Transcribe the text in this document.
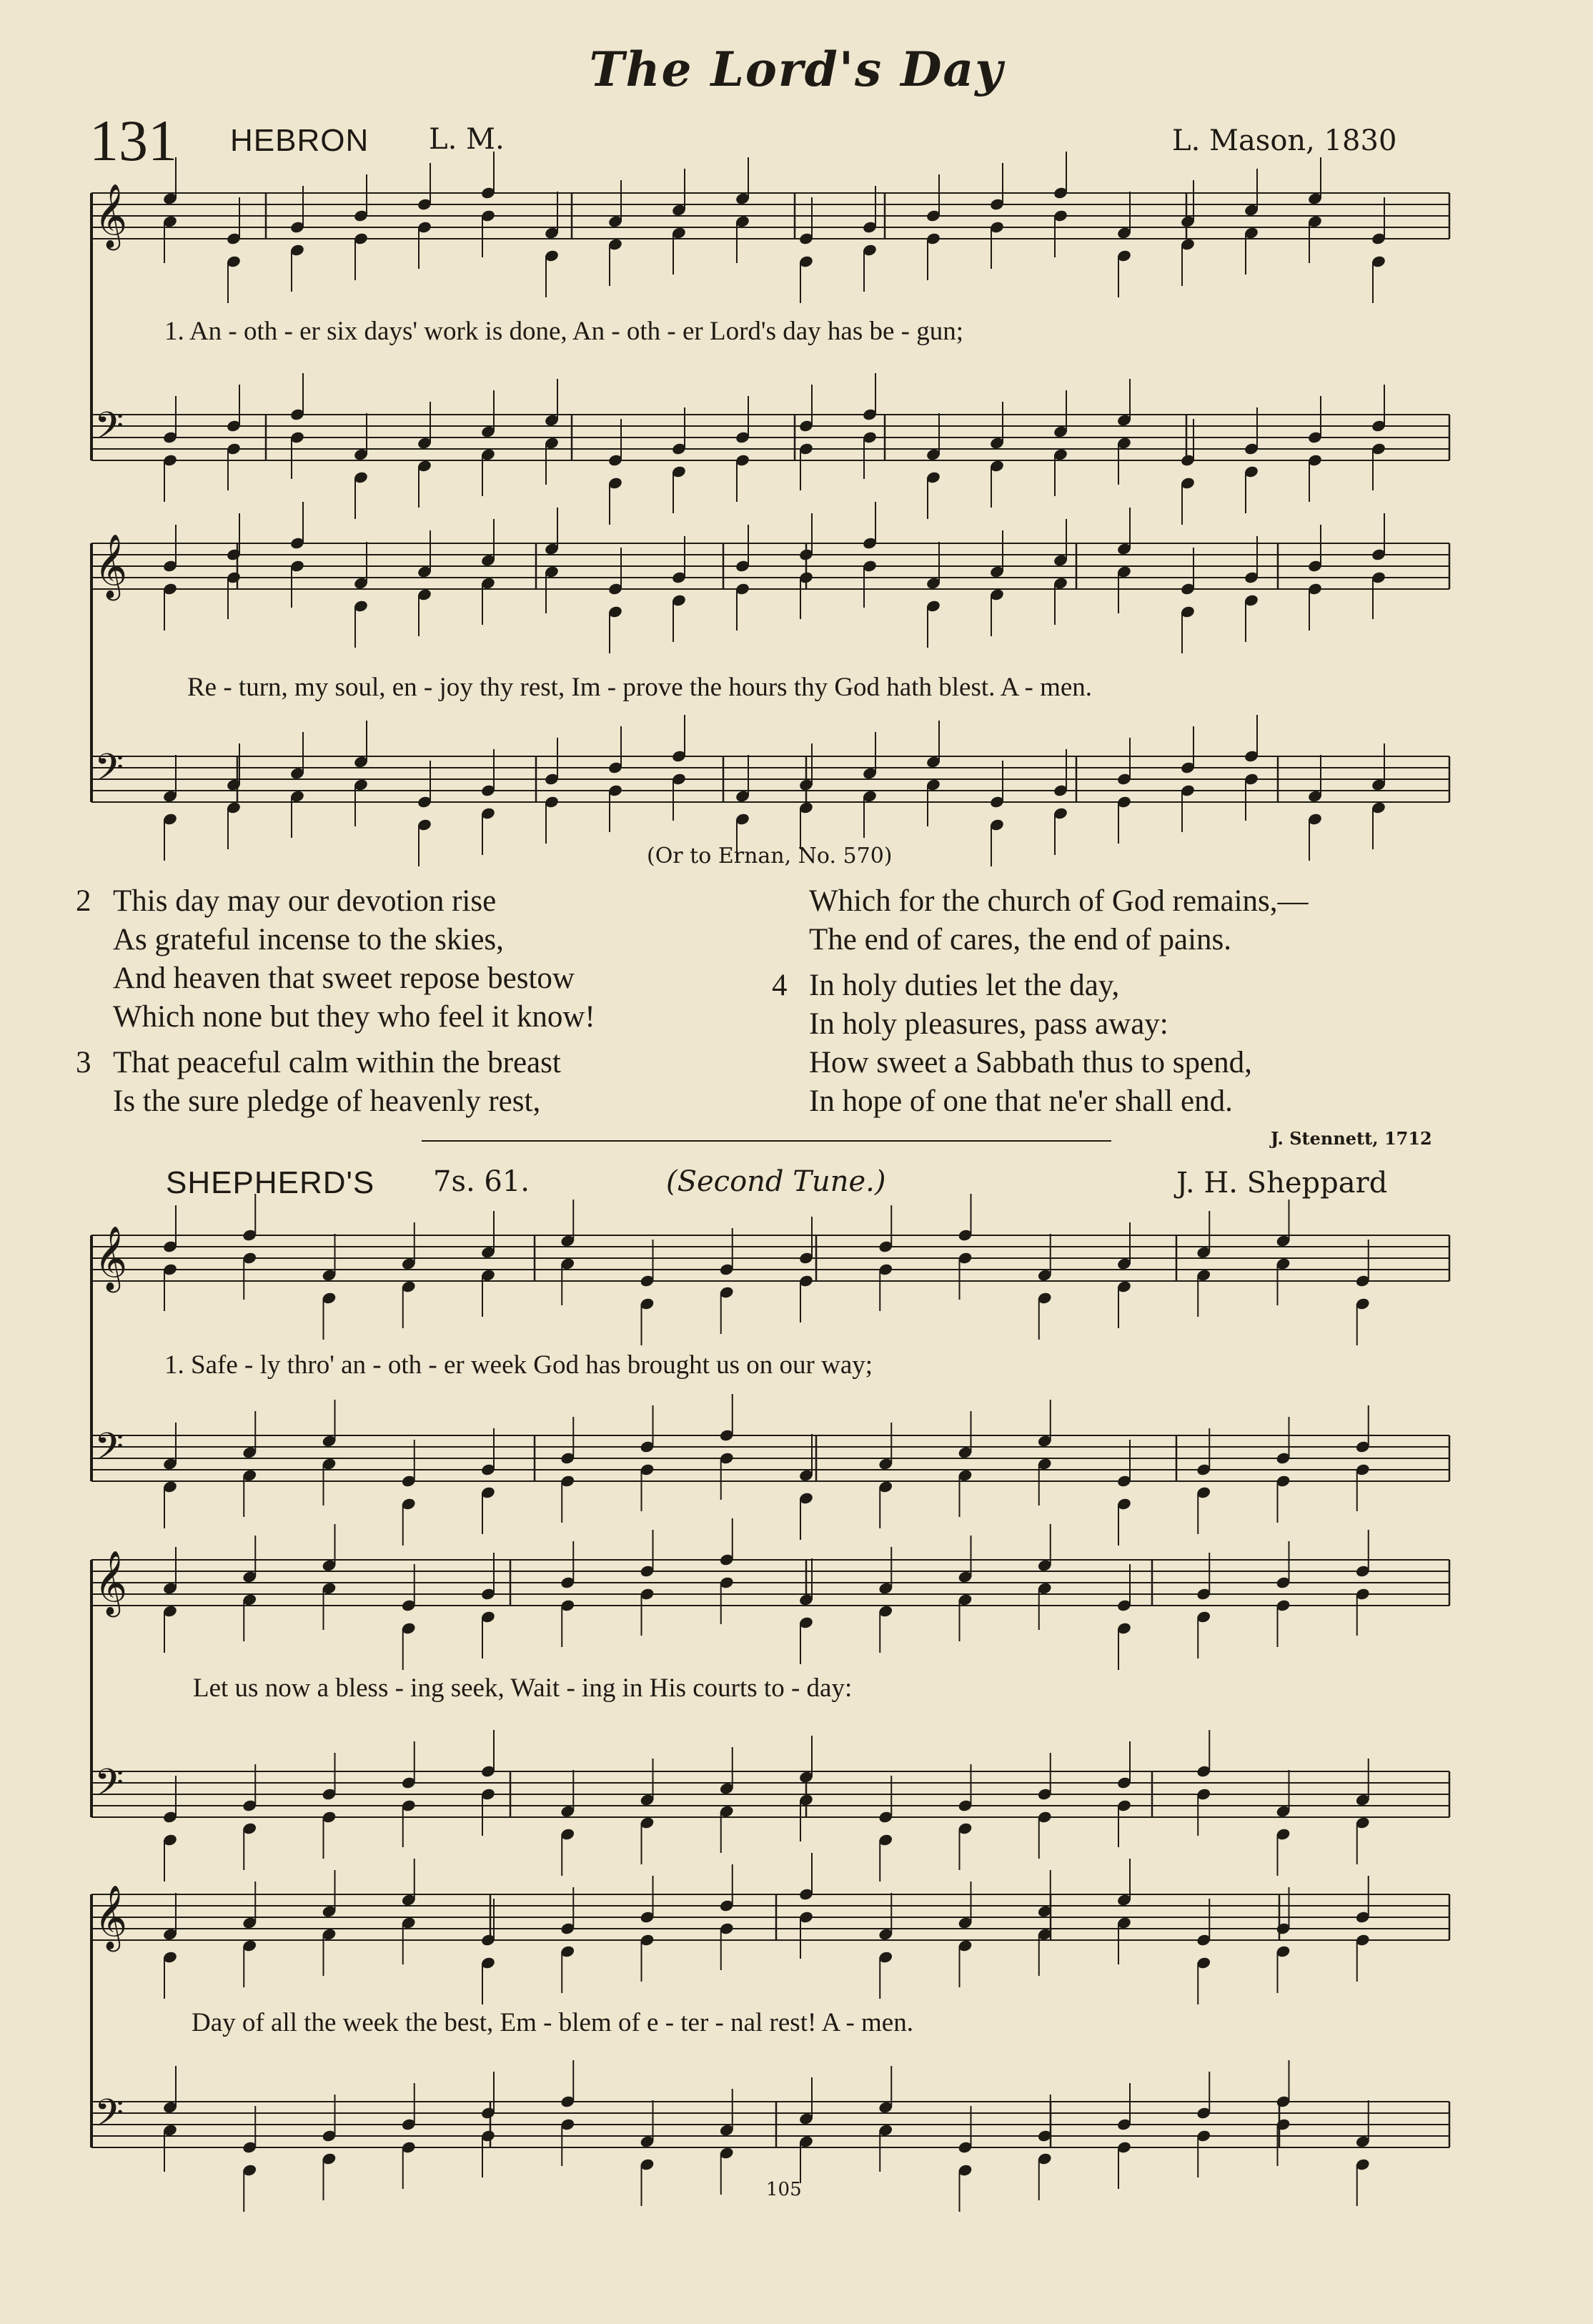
The Lord's Day
131 HEBRON L. M.	L. Mason, 1830
𝄞
𝄢
𝄞
𝄢
𝄞
𝄢
𝄞
𝄢
𝄞
𝄢
1. An - oth - er six days' work is done, An - oth - er Lord's day has be - gun;
Re - turn, my soul, en - joy thy rest, Im - prove the hours thy God hath blest. A - men.
(Or to Ernan, No. 570)
2 This day may our devotion rise
As grateful incense to the skies,
And heaven that sweet repose bestow
Which none but they who feel it know!
3 That peaceful calm within the breast
Is the sure pledge of heavenly rest,
Which for the church of God remains,—
The end of cares, the end of pains.
4 In holy duties let the day,
In holy pleasures, pass away:
How sweet a Sabbath thus to spend,
In hope of one that ne'er shall end.
J. Stennett, 1712
SHEPHERD'S 7s. 61.	(Second Tune.)	J. H. Sheppard
1. Safe - ly thro' an - oth - er week God has brought us on our way;
Let us now a bless - ing seek, Wait - ing in His courts to - day:
Day of all the week the best, Em - blem of e - ter - nal rest! A - men.
105
